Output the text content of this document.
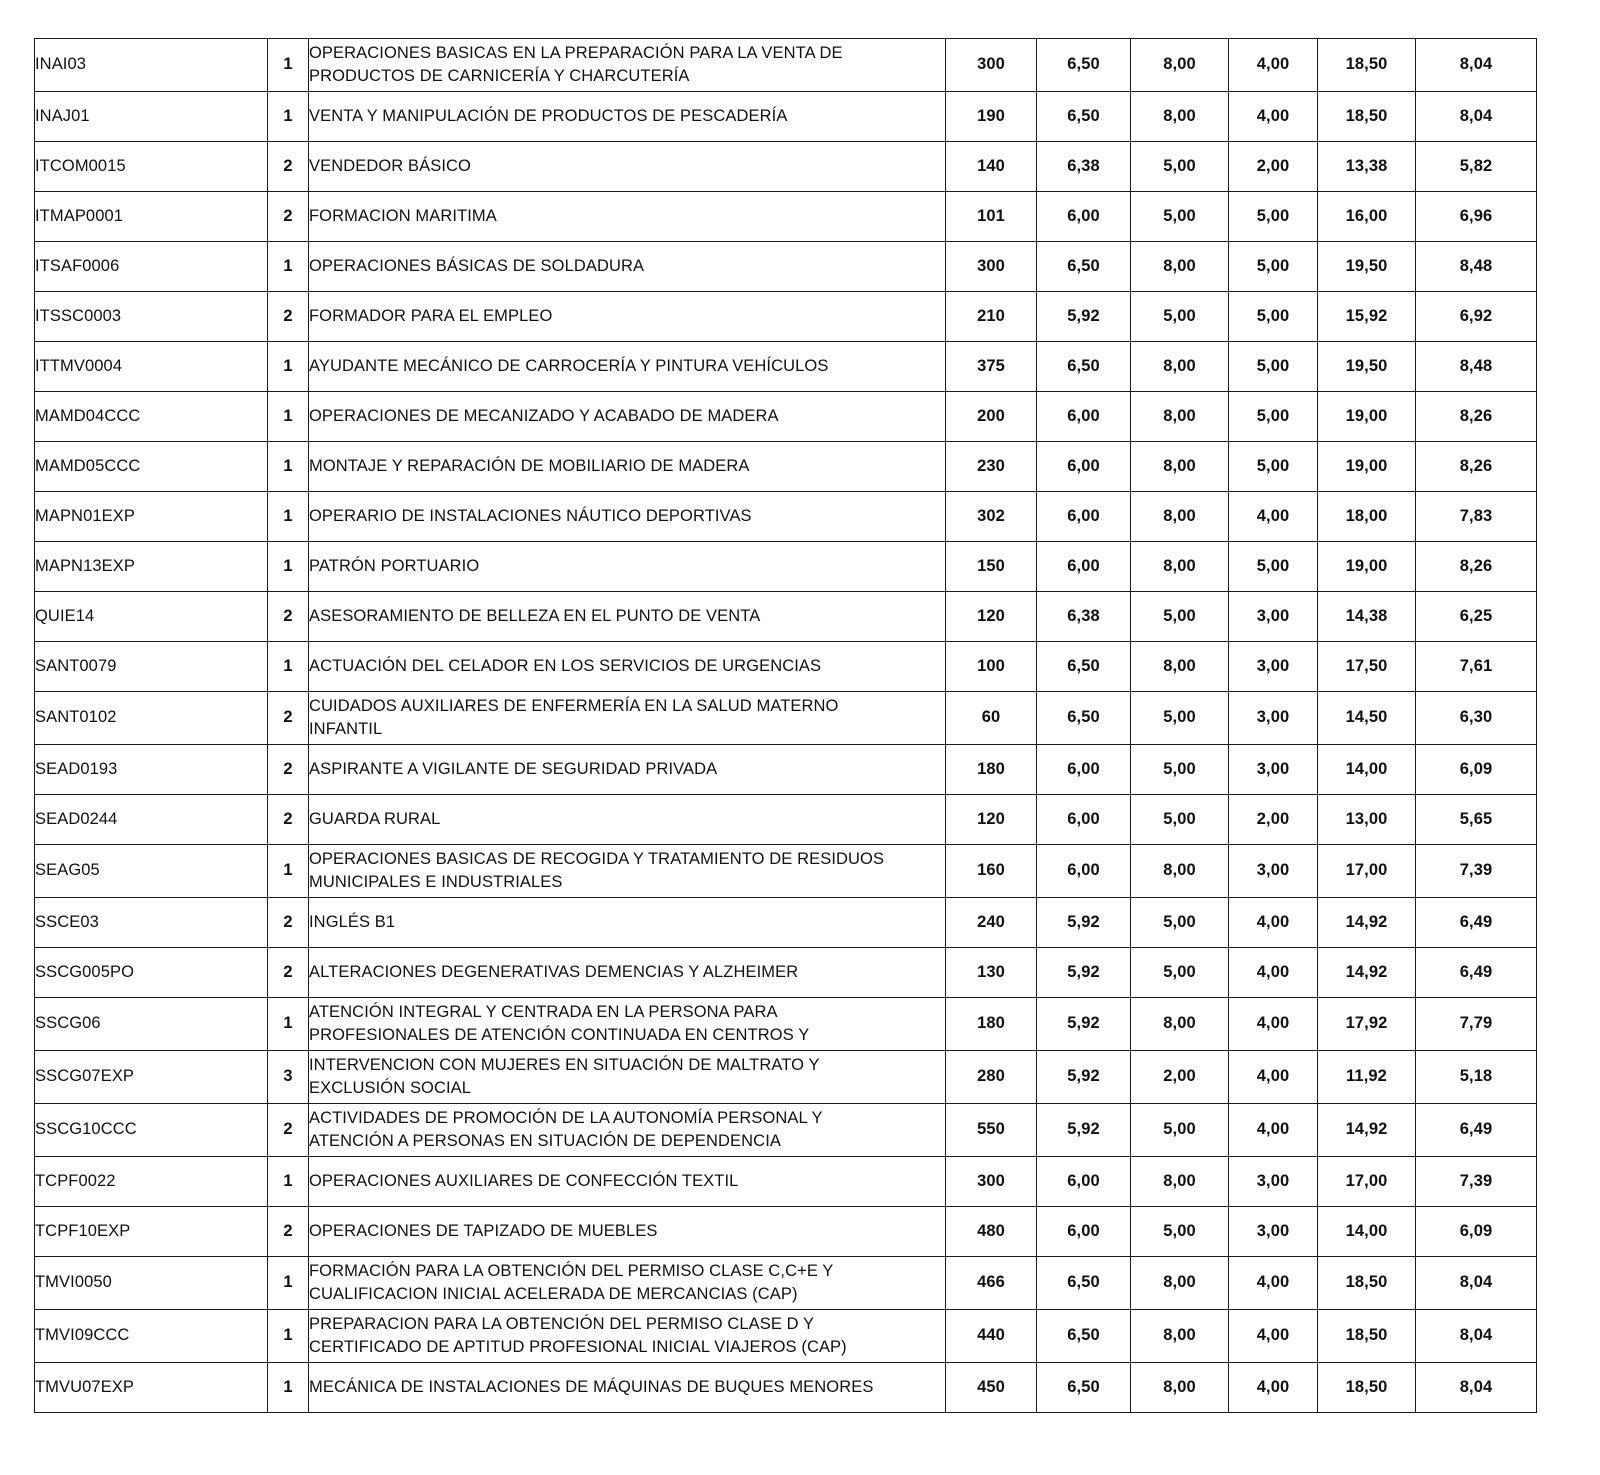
INAI03	1	OPERACIONES BASICAS EN LA PREPARACIÓN PARA LA VENTA DE
PRODUCTOS DE CARNICERÍA Y CHARCUTERÍA	300	6,50	8,00	4,00	18,50	8,04
INAJ01	1	VENTA Y MANIPULACIÓN DE PRODUCTOS DE PESCADERÍA	190	6,50	8,00	4,00	18,50	8,04
ITCOM0015	2	VENDEDOR BÁSICO	140	6,38	5,00	2,00	13,38	5,82
ITMAP0001	2	FORMACION MARITIMA	101	6,00	5,00	5,00	16,00	6,96
ITSAF0006	1	OPERACIONES BÁSICAS DE SOLDADURA	300	6,50	8,00	5,00	19,50	8,48
ITSSC0003	2	FORMADOR PARA EL EMPLEO	210	5,92	5,00	5,00	15,92	6,92
ITTMV0004	1	AYUDANTE MECÁNICO DE CARROCERÍA Y PINTURA VEHÍCULOS	375	6,50	8,00	5,00	19,50	8,48
MAMD04CCC	1	OPERACIONES DE MECANIZADO Y ACABADO DE MADERA	200	6,00	8,00	5,00	19,00	8,26
MAMD05CCC	1	MONTAJE Y REPARACIÓN DE MOBILIARIO DE MADERA	230	6,00	8,00	5,00	19,00	8,26
MAPN01EXP	1	OPERARIO DE INSTALACIONES NÁUTICO DEPORTIVAS	302	6,00	8,00	4,00	18,00	7,83
MAPN13EXP	1	PATRÓN PORTUARIO	150	6,00	8,00	5,00	19,00	8,26
QUIE14	2	ASESORAMIENTO DE BELLEZA EN EL PUNTO DE VENTA	120	6,38	5,00	3,00	14,38	6,25
SANT0079	1	ACTUACIÓN DEL CELADOR EN LOS SERVICIOS DE URGENCIAS	100	6,50	8,00	3,00	17,50	7,61
SANT0102	2	CUIDADOS AUXILIARES DE ENFERMERÍA EN LA SALUD MATERNO
INFANTIL	60	6,50	5,00	3,00	14,50	6,30
SEAD0193	2	ASPIRANTE A VIGILANTE DE SEGURIDAD PRIVADA	180	6,00	5,00	3,00	14,00	6,09
SEAD0244	2	GUARDA RURAL	120	6,00	5,00	2,00	13,00	5,65
SEAG05	1	OPERACIONES BASICAS DE RECOGIDA Y TRATAMIENTO DE RESIDUOS
MUNICIPALES E INDUSTRIALES	160	6,00	8,00	3,00	17,00	7,39
SSCE03	2	INGLÉS B1	240	5,92	5,00	4,00	14,92	6,49
SSCG005PO	2	ALTERACIONES DEGENERATIVAS DEMENCIAS Y ALZHEIMER	130	5,92	5,00	4,00	14,92	6,49
SSCG06	1	ATENCIÓN INTEGRAL Y CENTRADA EN LA PERSONA PARA
PROFESIONALES DE ATENCIÓN CONTINUADA EN CENTROS Y	180	5,92	8,00	4,00	17,92	7,79
SSCG07EXP	3	INTERVENCION CON MUJERES EN SITUACIÓN DE MALTRATO Y
EXCLUSIÓN SOCIAL	280	5,92	2,00	4,00	11,92	5,18
SSCG10CCC	2	ACTIVIDADES DE PROMOCIÓN DE LA AUTONOMÍA PERSONAL Y
ATENCIÓN A PERSONAS EN SITUACIÓN DE DEPENDENCIA	550	5,92	5,00	4,00	14,92	6,49
TCPF0022	1	OPERACIONES AUXILIARES DE CONFECCIÓN TEXTIL	300	6,00	8,00	3,00	17,00	7,39
TCPF10EXP	2	OPERACIONES DE TAPIZADO DE MUEBLES	480	6,00	5,00	3,00	14,00	6,09
TMVI0050	1	FORMACIÓN PARA LA OBTENCIÓN DEL PERMISO CLASE C,C+E Y
CUALIFICACION INICIAL ACELERADA DE MERCANCIAS (CAP)	466	6,50	8,00	4,00	18,50	8,04
TMVI09CCC	1	PREPARACION PARA LA OBTENCIÓN DEL PERMISO CLASE D Y
CERTIFICADO DE APTITUD PROFESIONAL INICIAL VIAJEROS (CAP)	440	6,50	8,00	4,00	18,50	8,04
TMVU07EXP	1	MECÁNICA DE INSTALACIONES DE MÁQUINAS DE BUQUES MENORES	450	6,50	8,00	4,00	18,50	8,04
